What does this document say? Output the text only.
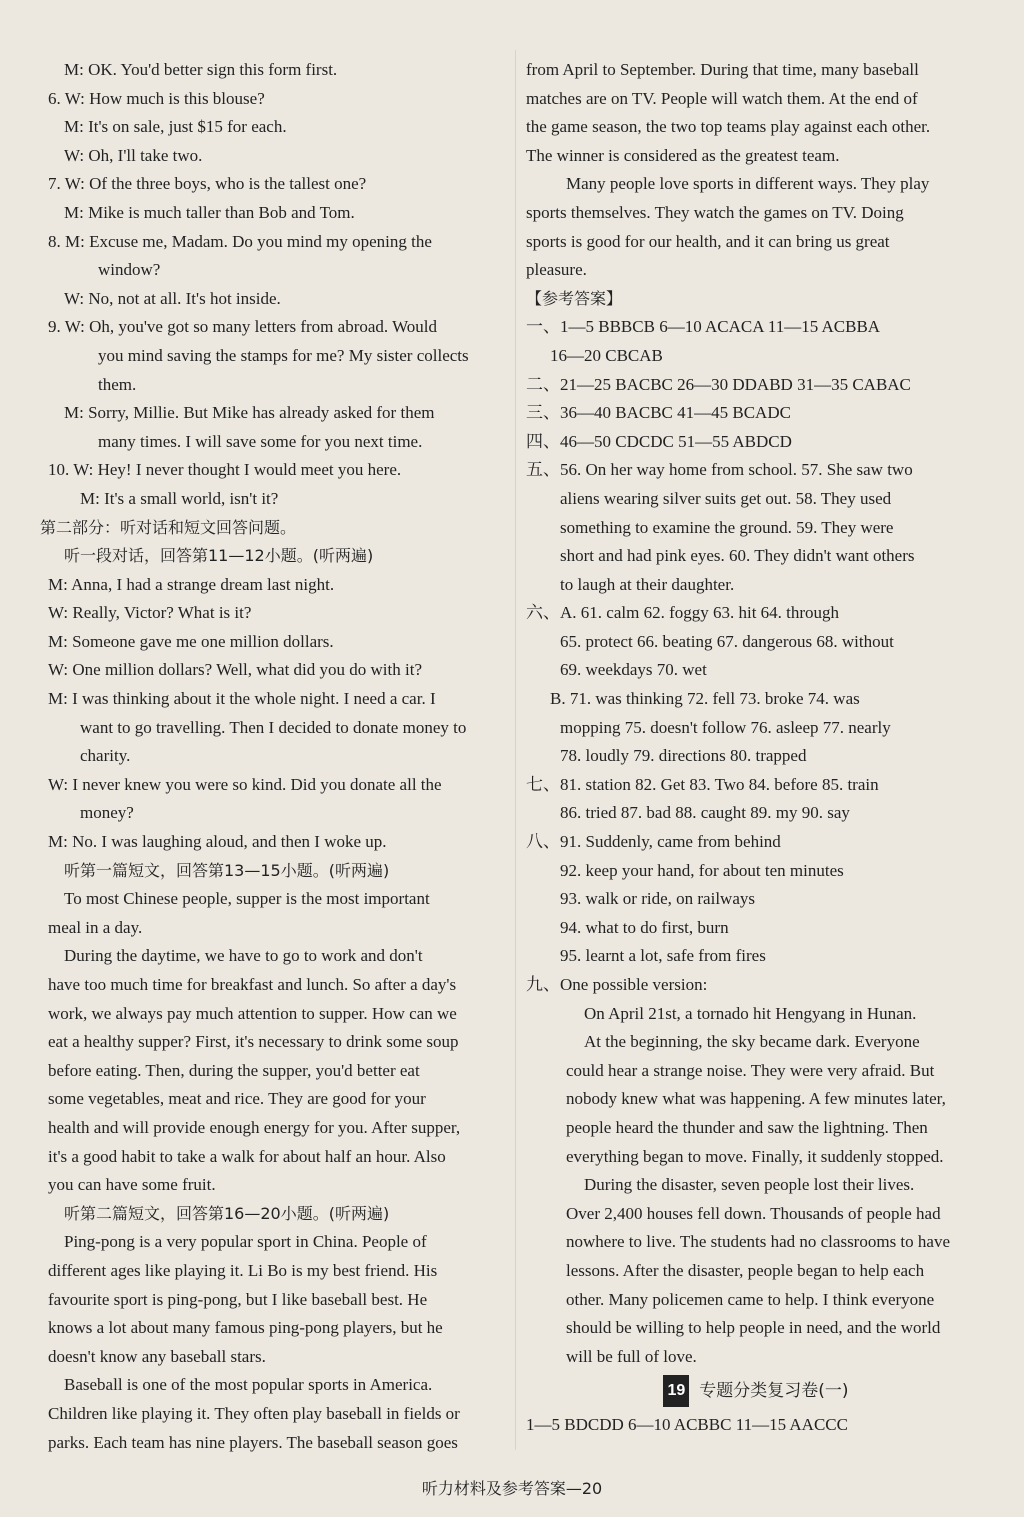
M: OK. You'd better sign this form first.
6. W: How much is this blouse?
M: It's on sale, just $15 for each.
W: Oh, I'll take two.
7. W: Of the three boys, who is the tallest one?
M: Mike is much taller than Bob and Tom.
8. M: Excuse me, Madam. Do you mind my opening the
window?
W: No, not at all. It's hot inside.
9. W: Oh, you've got so many letters from abroad. Would
you mind saving the stamps for me? My sister collects
them.
M: Sorry, Millie. But Mike has already asked for them
many times. I will save some for you next time.
10. W: Hey! I never thought I would meet you here.
M: It's a small world, isn't it?
第二部分：听对话和短文回答问题。
听一段对话，回答第11—12小题。(听两遍)
M: Anna, I had a strange dream last night.
W: Really, Victor? What is it?
M: Someone gave me one million dollars.
W: One million dollars? Well, what did you do with it?
M: I was thinking about it the whole night. I need a car. I
want to go travelling. Then I decided to donate money to
charity.
W: I never knew you were so kind. Did you donate all the
money?
M: No. I was laughing aloud, and then I woke up.
听第一篇短文，回答第13—15小题。(听两遍)
To most Chinese people, supper is the most important
meal in a day.
During the daytime, we have to go to work and don't
have too much time for breakfast and lunch. So after a day's
work, we always pay much attention to supper. How can we
eat a healthy supper? First, it's necessary to drink some soup
before eating. Then, during the supper, you'd better eat
some vegetables, meat and rice. They are good for your
health and will provide enough energy for you. After supper,
it's a good habit to take a walk for about half an hour. Also
you can have some fruit.
听第二篇短文，回答第16—20小题。(听两遍)
Ping-pong is a very popular sport in China. People of
different ages like playing it. Li Bo is my best friend. His
favourite sport is ping-pong, but I like baseball best. He
knows a lot about many famous ping-pong players, but he
doesn't know any baseball stars.
Baseball is one of the most popular sports in America.
Children like playing it. They often play baseball in fields or
parks. Each team has nine players. The baseball season goes
from April to September. During that time, many baseball
matches are on TV. People will watch them. At the end of
the game season, the two top teams play against each other.
The winner is considered as the greatest team.
Many people love sports in different ways. They play
sports themselves. They watch the games on TV. Doing
sports is good for our health, and it can bring us great
pleasure.
【参考答案】
一、1—5 BBBCB 6—10 ACACA 11—15 ACBBA
16—20 CBCAB
二、21—25 BACBC 26—30 DDABD 31—35 CABAC
三、36—40 BACBC 41—45 BCADC
四、46—50 CDCDC 51—55 ABDCD
五、56. On her way home from school. 57. She saw two
aliens wearing silver suits get out. 58. They used
something to examine the ground. 59. They were
short and had pink eyes. 60. They didn't want others
to laugh at their daughter.
六、A. 61. calm 62. foggy 63. hit 64. through
65. protect 66. beating 67. dangerous 68. without
69. weekdays 70. wet
B. 71. was thinking 72. fell 73. broke 74. was
mopping 75. doesn't follow 76. asleep 77. nearly
78. loudly 79. directions 80. trapped
七、81. station 82. Get 83. Two 84. before 85. train
86. tried 87. bad 88. caught 89. my 90. say
八、91. Suddenly, came from behind
92. keep your hand, for about ten minutes
93. walk or ride, on railways
94. what to do first, burn
95. learnt a lot, safe from fires
九、One possible version:
On April 21st, a tornado hit Hengyang in Hunan.
At the beginning, the sky became dark. Everyone
could hear a strange noise. They were very afraid. But
nobody knew what was happening. A few minutes later,
people heard the thunder and saw the lightning. Then
everything began to move. Finally, it suddenly stopped.
During the disaster, seven people lost their lives.
Over 2,400 houses fell down. Thousands of people had
nowhere to live. The students had no classrooms to have
lessons. After the disaster, people began to help each
other. Many policemen came to help. I think everyone
should be willing to help people in need, and the world
will be full of love.
19 专题分类复习卷(一)
1—5 BDCDD 6—10 ACBBC 11—15 AACCC
听力材料及参考答案—20
